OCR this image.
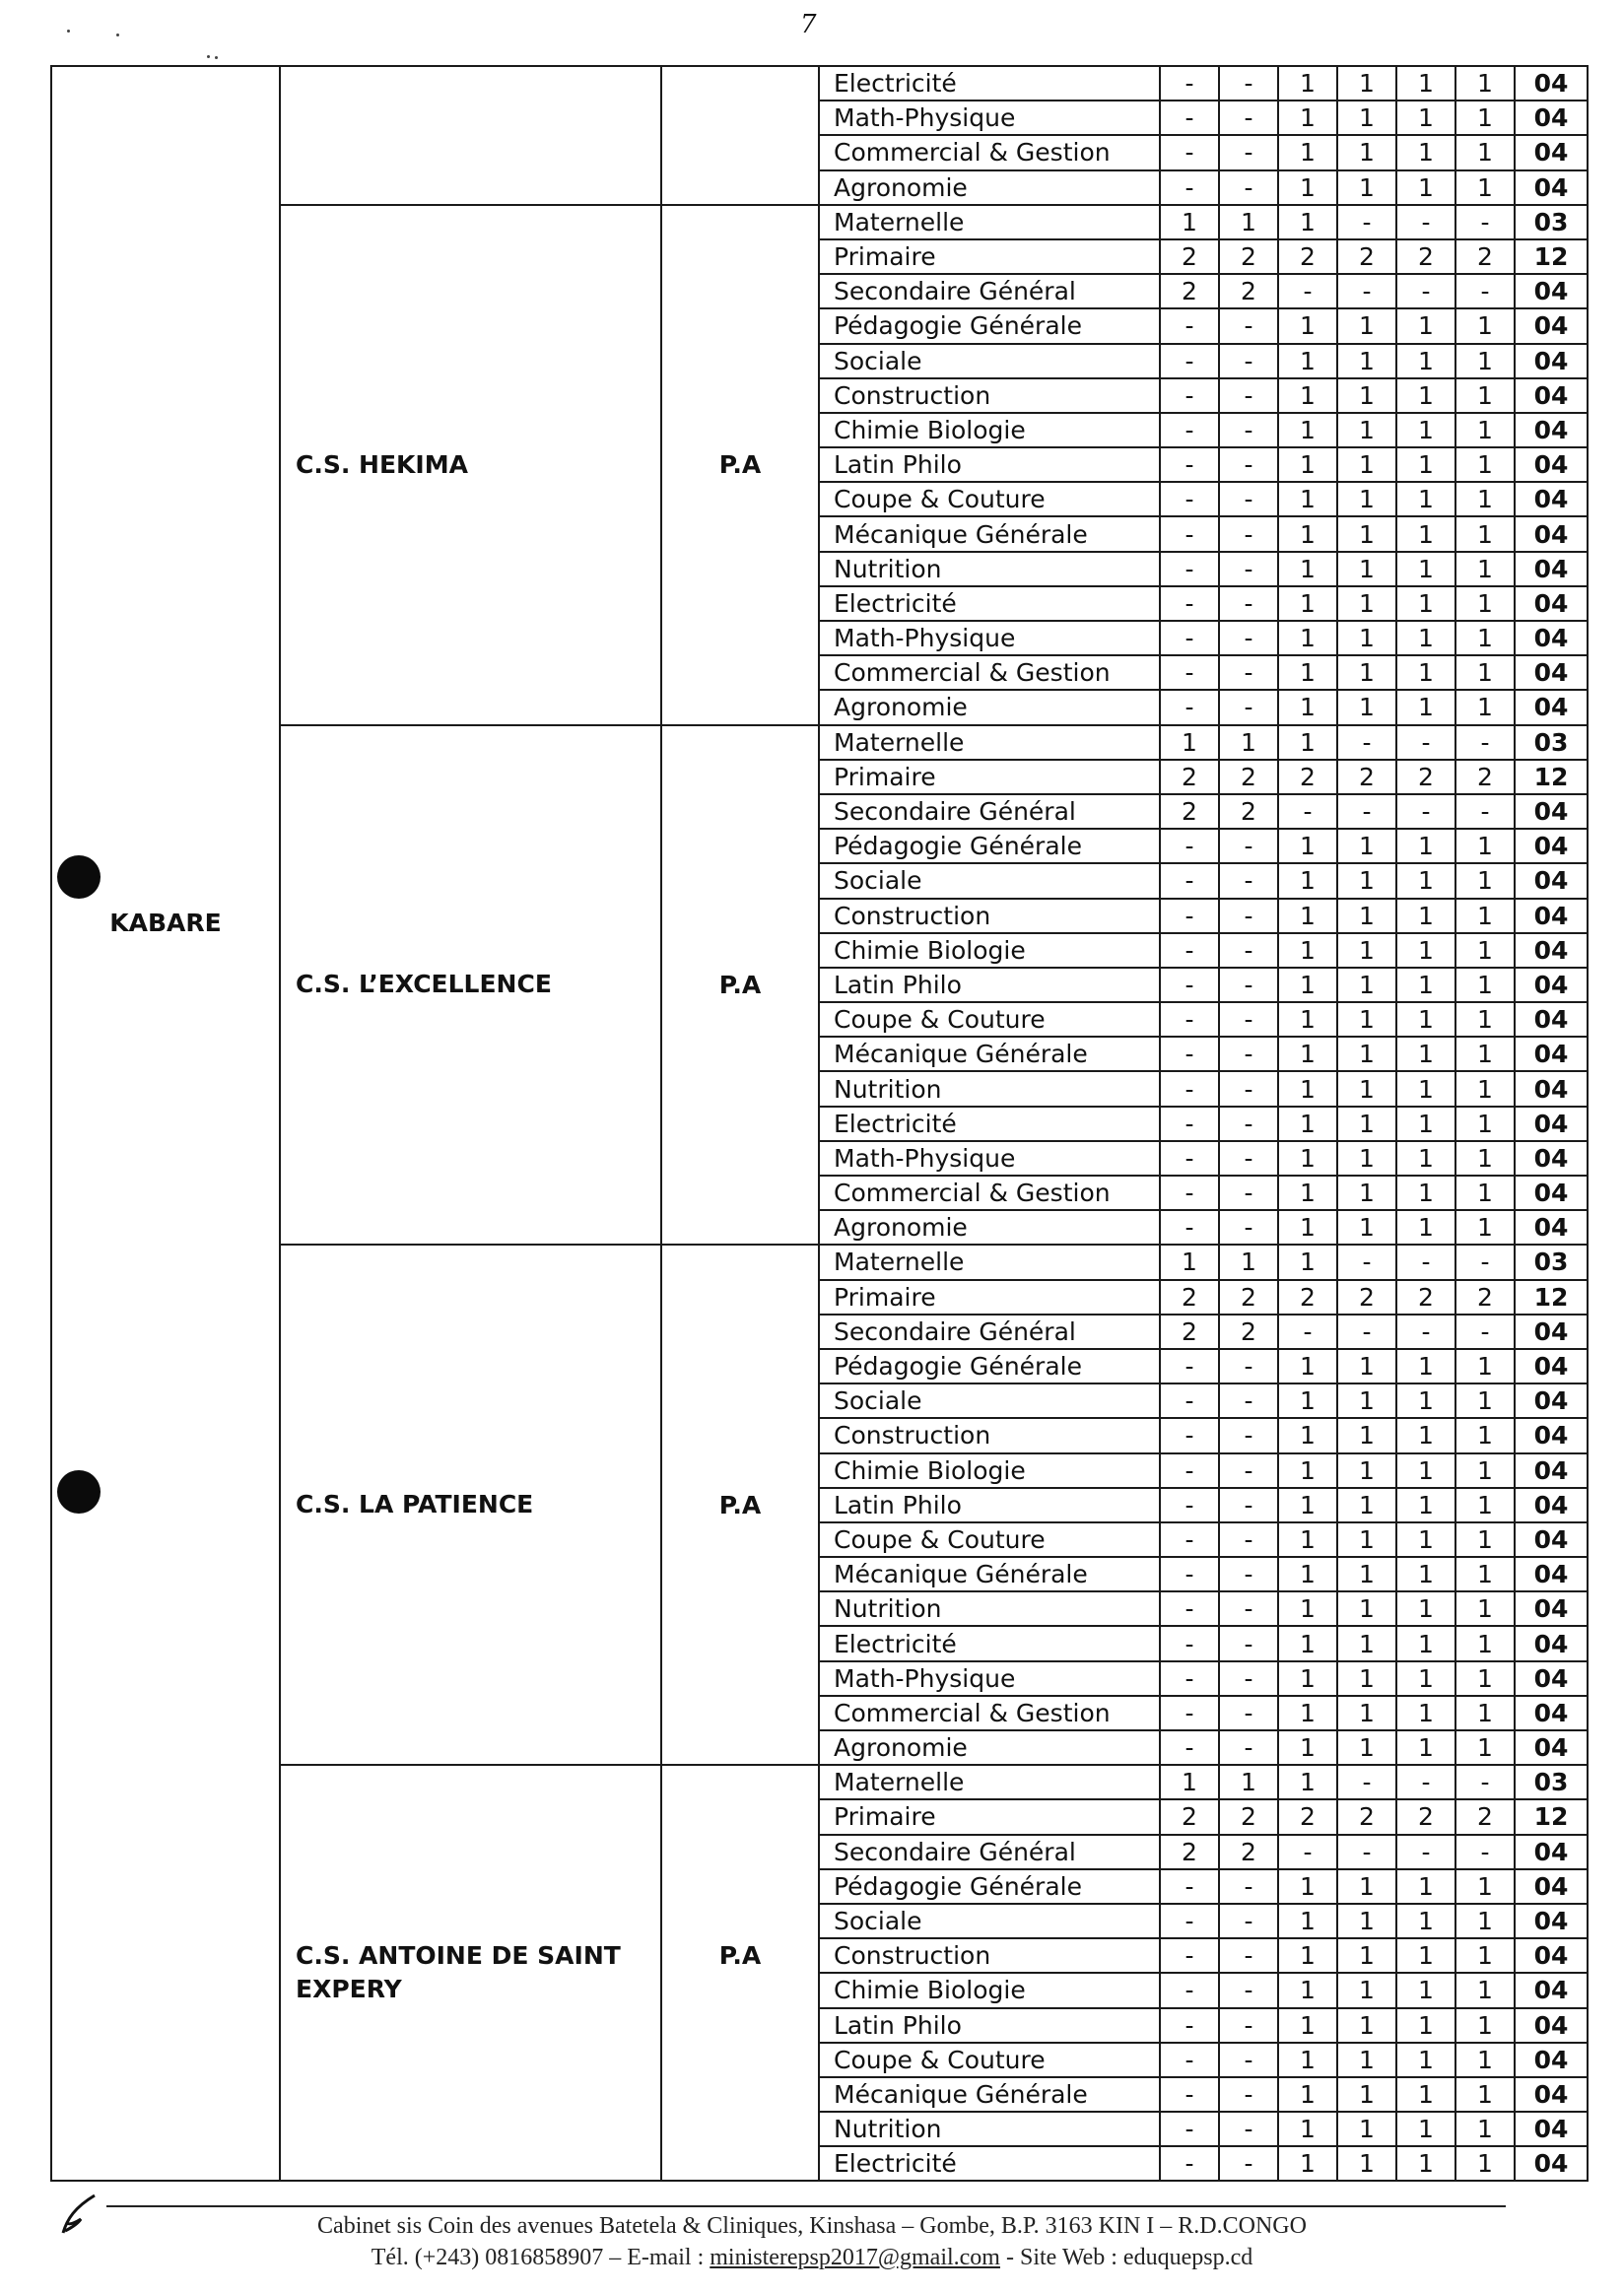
7
KABARE			Electricité	-	-	1	1	1	1	04
			Math-Physique	-	-	1	1	1	1	04
			Commercial & Gestion	-	-	1	1	1	1	04
			Agronomie	-	-	1	1	1	1	04
	C.S. HEKIMA	P.A	Maternelle	1	1	1	-	-	-	03
			Primaire	2	2	2	2	2	2	12
			Secondaire Général	2	2	-	-	-	-	04
			Pédagogie Générale	-	-	1	1	1	1	04
			Sociale	-	-	1	1	1	1	04
			Construction	-	-	1	1	1	1	04
			Chimie Biologie	-	-	1	1	1	1	04
			Latin Philo	-	-	1	1	1	1	04
			Coupe & Couture	-	-	1	1	1	1	04
			Mécanique Générale	-	-	1	1	1	1	04
			Nutrition	-	-	1	1	1	1	04
			Electricité	-	-	1	1	1	1	04
			Math-Physique	-	-	1	1	1	1	04
			Commercial & Gestion	-	-	1	1	1	1	04
			Agronomie	-	-	1	1	1	1	04
	C.S. L’EXCELLENCE	P.A	Maternelle	1	1	1	-	-	-	03
			Primaire	2	2	2	2	2	2	12
			Secondaire Général	2	2	-	-	-	-	04
			Pédagogie Générale	-	-	1	1	1	1	04
			Sociale	-	-	1	1	1	1	04
			Construction	-	-	1	1	1	1	04
			Chimie Biologie	-	-	1	1	1	1	04
			Latin Philo	-	-	1	1	1	1	04
			Coupe & Couture	-	-	1	1	1	1	04
			Mécanique Générale	-	-	1	1	1	1	04
			Nutrition	-	-	1	1	1	1	04
			Electricité	-	-	1	1	1	1	04
			Math-Physique	-	-	1	1	1	1	04
			Commercial & Gestion	-	-	1	1	1	1	04
			Agronomie	-	-	1	1	1	1	04
	C.S. LA PATIENCE	P.A	Maternelle	1	1	1	-	-	-	03
			Primaire	2	2	2	2	2	2	12
			Secondaire Général	2	2	-	-	-	-	04
			Pédagogie Générale	-	-	1	1	1	1	04
			Sociale	-	-	1	1	1	1	04
			Construction	-	-	1	1	1	1	04
			Chimie Biologie	-	-	1	1	1	1	04
			Latin Philo	-	-	1	1	1	1	04
			Coupe & Couture	-	-	1	1	1	1	04
			Mécanique Générale	-	-	1	1	1	1	04
			Nutrition	-	-	1	1	1	1	04
			Electricité	-	-	1	1	1	1	04
			Math-Physique	-	-	1	1	1	1	04
			Commercial & Gestion	-	-	1	1	1	1	04
			Agronomie	-	-	1	1	1	1	04
	C.S. ANTOINE DE SAINT EXPERY	P.A	Maternelle	1	1	1	-	-	-	03
			Primaire	2	2	2	2	2	2	12
			Secondaire Général	2	2	-	-	-	-	04
			Pédagogie Générale	-	-	1	1	1	1	04
			Sociale	-	-	1	1	1	1	04
			Construction	-	-	1	1	1	1	04
			Chimie Biologie	-	-	1	1	1	1	04
			Latin Philo	-	-	1	1	1	1	04
			Coupe & Couture	-	-	1	1	1	1	04
			Mécanique Générale	-	-	1	1	1	1	04
			Nutrition	-	-	1	1	1	1	04
			Electricité	-	-	1	1	1	1	04
Cabinet sis Coin des avenues Batetela & Cliniques, Kinshasa – Gombe, B.P. 3163 KIN I – R.D.CONGO
Tél. (+243) 0816858907 – E-mail : ministerepsp2017@gmail.com - Site Web : eduquepsp.cd
